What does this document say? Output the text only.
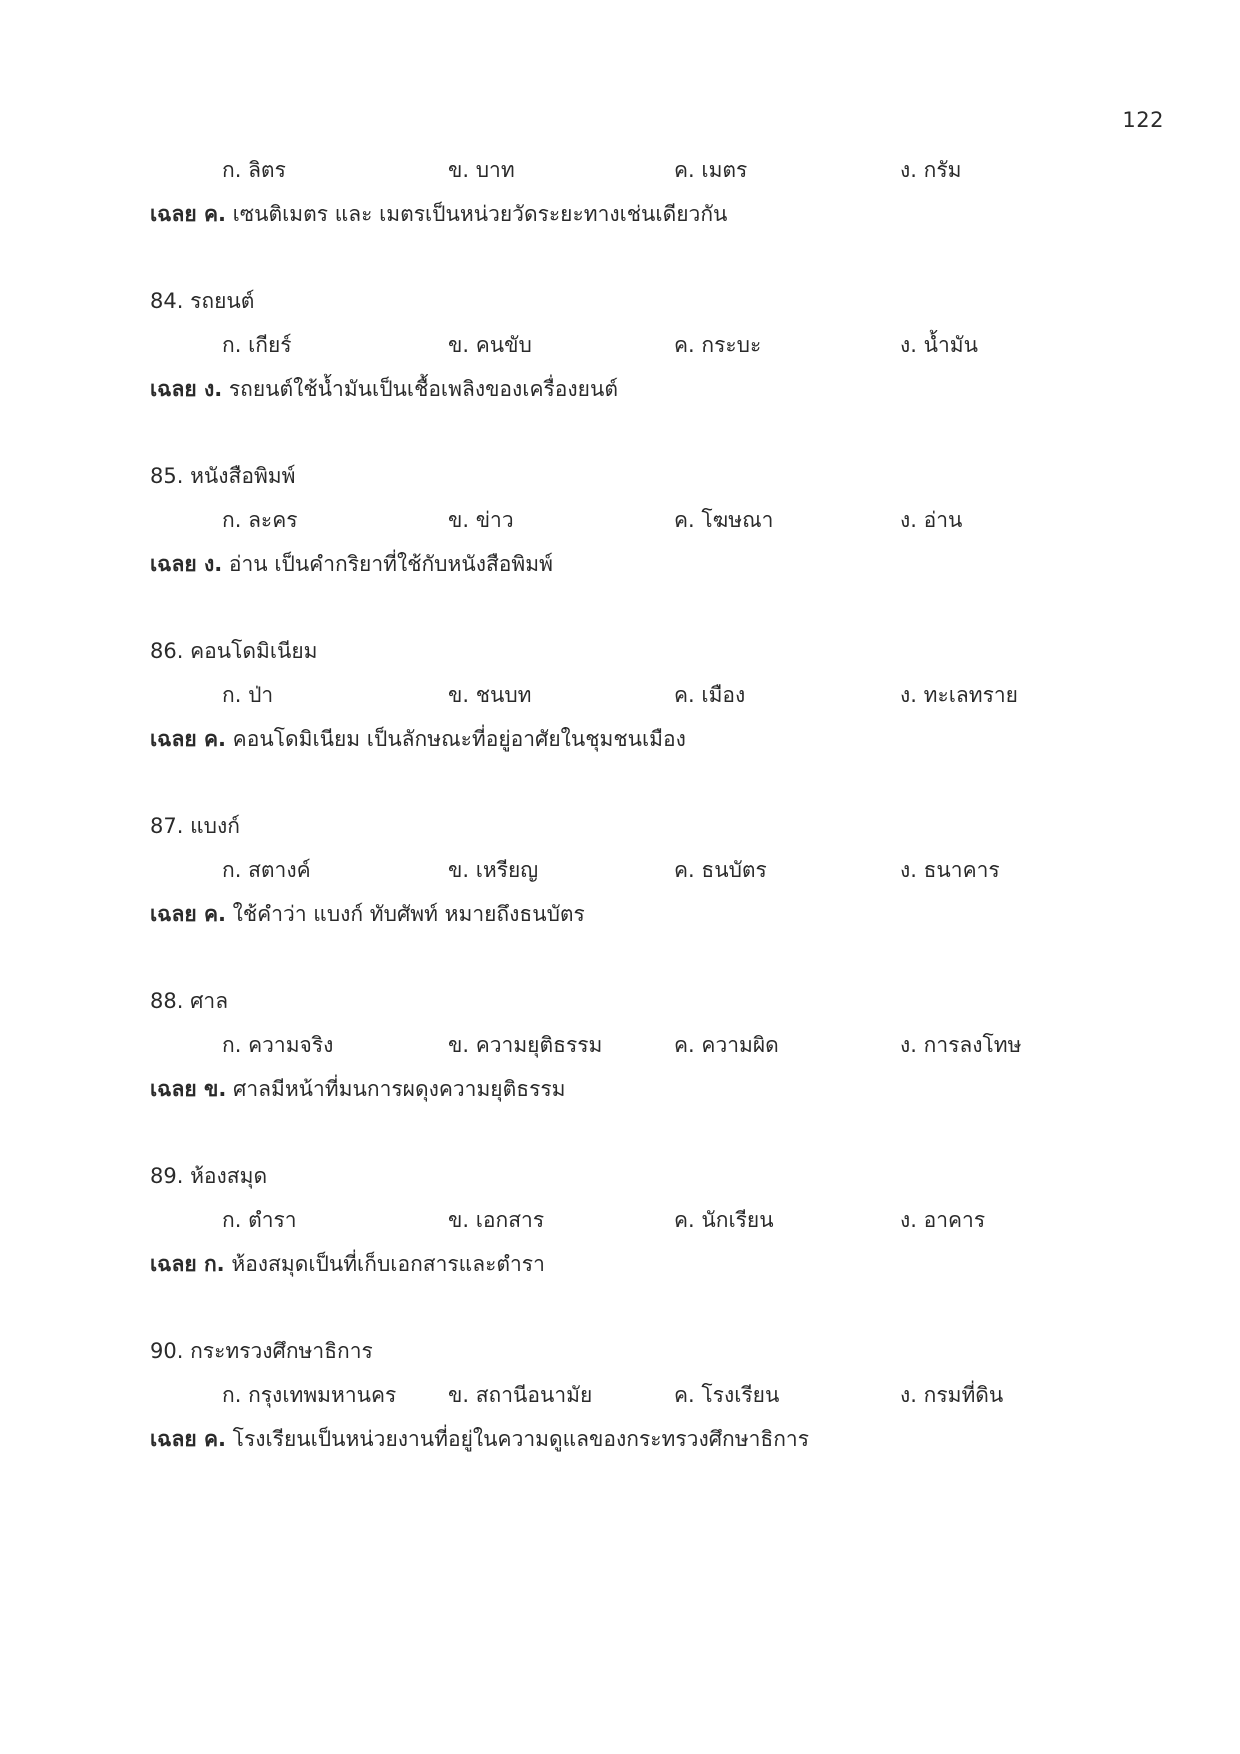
122
ก. ลิตร	ข. บาท	ค. เมตร	ง. กรัม
เฉลย ค. เซนติเมตร และ เมตรเป็นหน่วยวัดระยะทางเช่นเดียวกัน
84. รถยนต์
ก. เกียร์	ข. คนขับ	ค. กระบะ	ง. น้ำมัน
เฉลย ง. รถยนต์ใช้น้ำมันเป็นเชื้อเพลิงของเครื่องยนต์
85. หนังสือพิมพ์
ก. ละคร	ข. ข่าว	ค. โฆษณา	ง. อ่าน
เฉลย ง. อ่าน เป็นคำกริยาที่ใช้กับหนังสือพิมพ์
86. คอนโดมิเนียม
ก. ป่า	ข. ชนบท	ค. เมือง	ง. ทะเลทราย
เฉลย ค. คอนโดมิเนียม เป็นลักษณะที่อยู่อาศัยในชุมชนเมือง
87. แบงก์
ก. สตางค์	ข. เหรียญ	ค. ธนบัตร	ง. ธนาคาร
เฉลย ค. ใช้คำว่า แบงก์ ทับศัพท์ หมายถึงธนบัตร
88. ศาล
ก. ความจริง	ข. ความยุติธรรม	ค. ความผิด	ง. การลงโทษ
เฉลย ข. ศาลมีหน้าที่มนการผดุงความยุติธรรม
89. ห้องสมุด
ก. ตำรา	ข. เอกสาร	ค. นักเรียน	ง. อาคาร
เฉลย ก. ห้องสมุดเป็นที่เก็บเอกสารและตำรา
90. กระทรวงศึกษาธิการ
ก. กรุงเทพมหานคร ข. สถานีอนามัย	ค. โรงเรียน	ง. กรมที่ดิน
เฉลย ค. โรงเรียนเป็นหน่วยงานที่อยู่ในความดูแลของกระทรวงศึกษาธิการ
